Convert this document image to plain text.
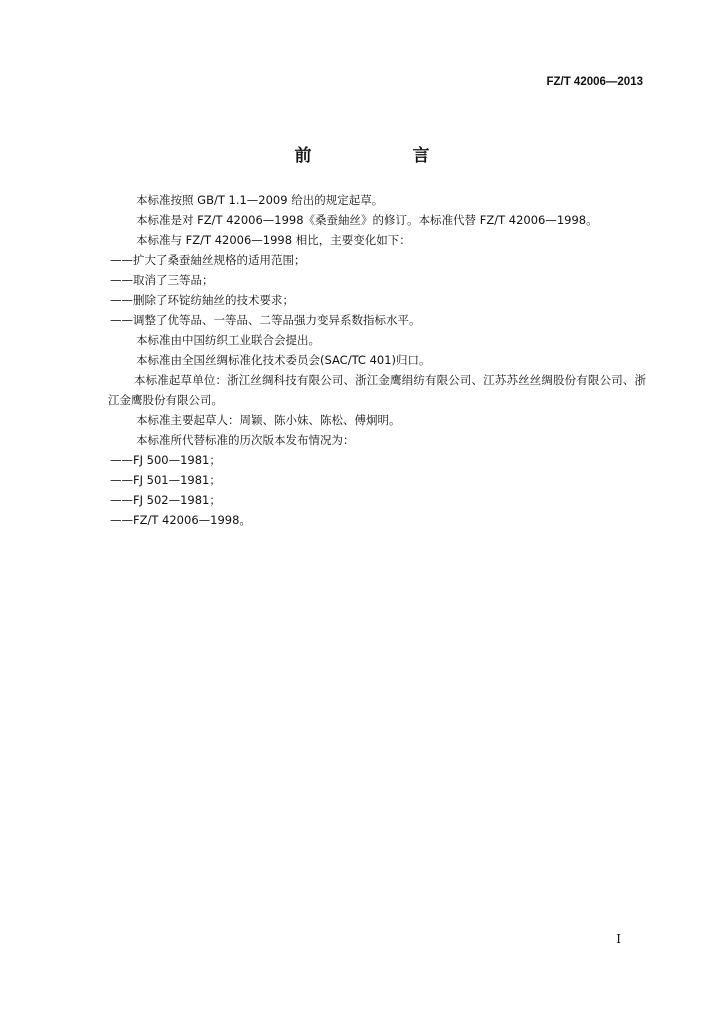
FZ/T 42006—2013
前　言

本标准按照 GB/T 1.1—2009 给出的规定起草。

本标准是对 FZ/T 42006—1998《桑蚕紬丝》的修订。本标准代替 FZ/T 42006—1998。

本标准与 FZ/T 42006—1998 相比，主要变化如下：

——扩大了桑蚕紬丝规格的适用范围；

——取消了三等品；

——删除了环锭纺紬丝的技术要求；

——调整了优等品、一等品、二等品强力变异系数指标水平。

本标准由中国纺织工业联合会提出。

本标准由全国丝绸标准化技术委员会(SAC/TC 401)归口。

本标准起草单位：浙江丝绸科技有限公司、浙江金鹰绢纺有限公司、江苏苏丝丝绸股份有限公司、浙江金鹰股份有限公司。

本标准主要起草人：周颖、陈小妹、陈松、傅炯明。

本标准所代替标准的历次版本发布情况为：

——FJ 500—1981；

——FJ 501—1981；

——FJ 502—1981；

——FZ/T 42006—1998。

I
